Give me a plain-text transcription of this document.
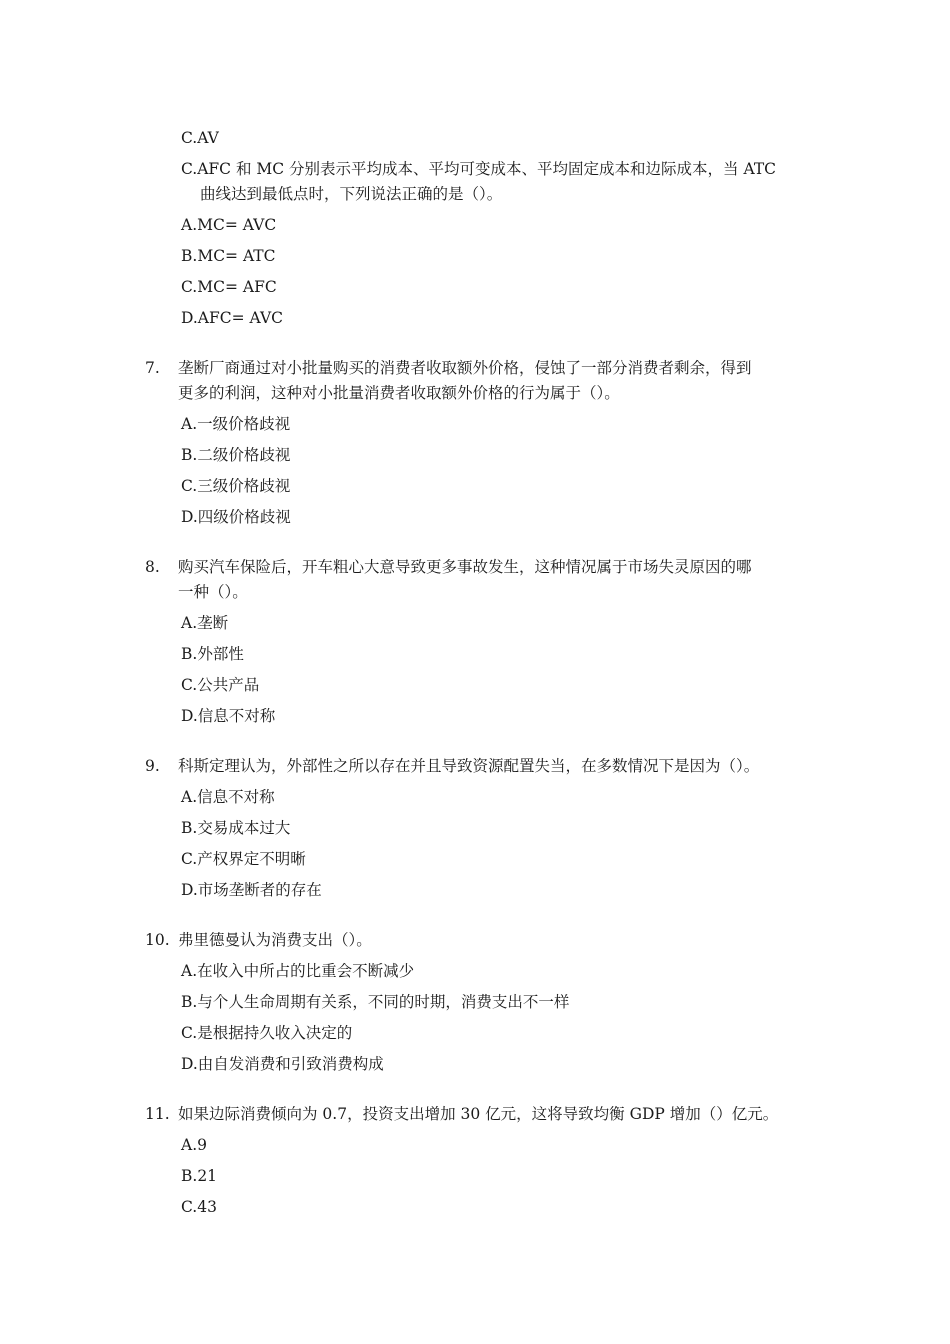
C.AV
C.AFC 和 MC 分别表示平均成本、平均可变成本、平均固定成本和边际成本，当 ATC
曲线达到最低点时，下列说法正确的是（）。
A.MC= AVC
B.MC= ATC
C.MC= AFC
D.AFC= AVC
7. 垄断厂商通过对小批量购买的消费者收取额外价格，侵蚀了一部分消费者剩余，得到
更多的利润，这种对小批量消费者收取额外价格的行为属于（）。
A.一级价格歧视
B.二级价格歧视
C.三级价格歧视
D.四级价格歧视
8. 购买汽车保险后，开车粗心大意导致更多事故发生，这种情况属于市场失灵原因的哪
一种（）。
A.垄断
B.外部性
C.公共产品
D.信息不对称
9. 科斯定理认为，外部性之所以存在并且导致资源配置失当，在多数情况下是因为（）。
A.信息不对称
B.交易成本过大
C.产权界定不明晰
D.市场垄断者的存在
10. 弗里德曼认为消费支出（）。
A.在收入中所占的比重会不断减少
B.与个人生命周期有关系，不同的时期，消费支出不一样
C.是根据持久收入决定的
D.由自发消费和引致消费构成
11. 如果边际消费倾向为 0.7，投资支出增加 30 亿元，这将导致均衡 GDP 增加（）亿元。
A.9
B.21
C.43
